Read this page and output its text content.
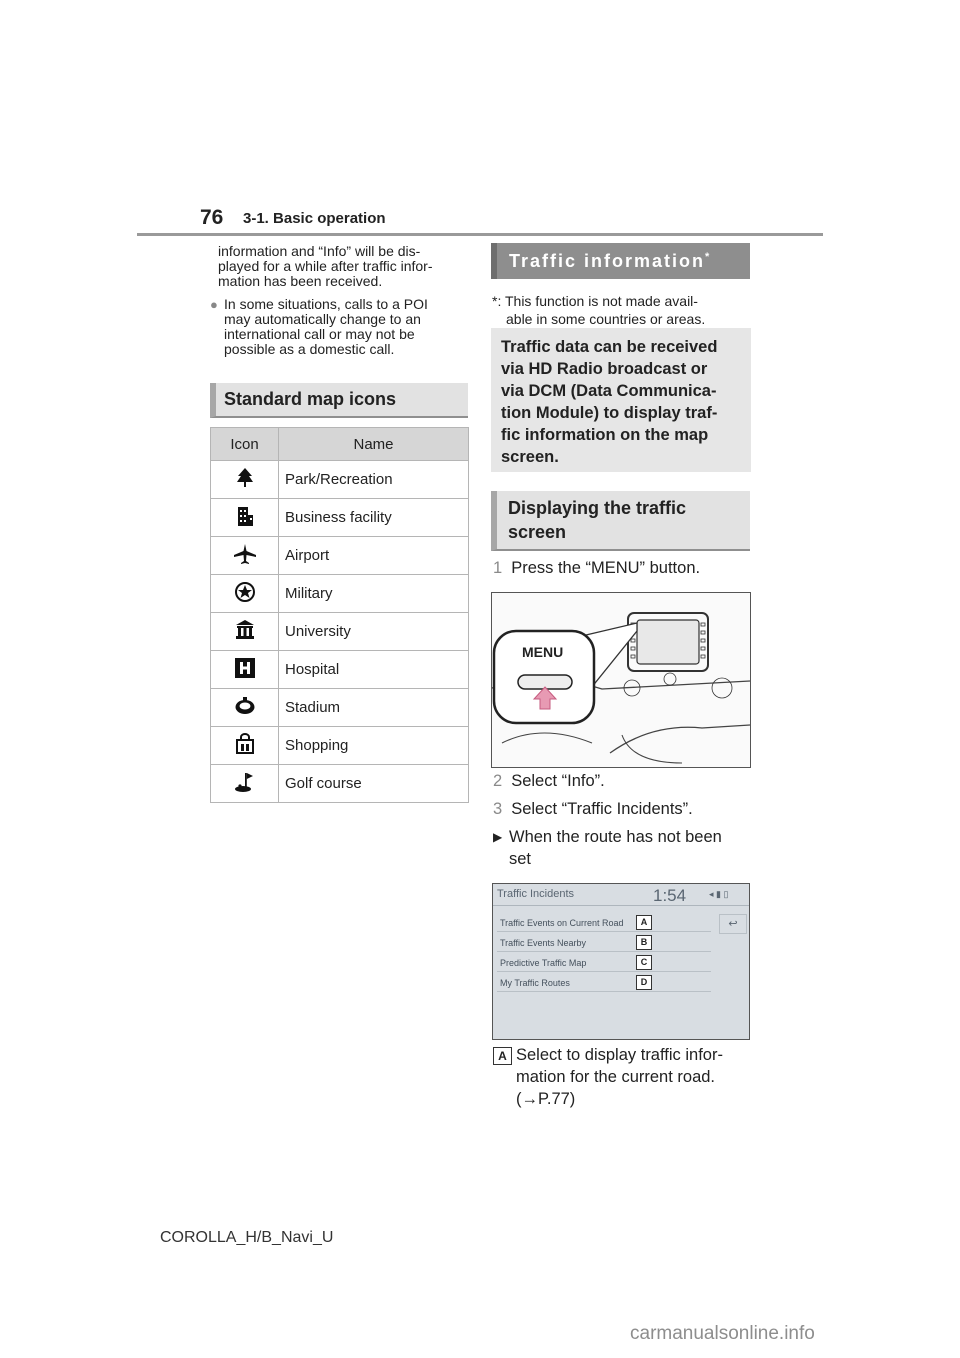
76 3-1. Basic operation
information and “Info” will be dis-
played for a while after traffic infor-
mation has been received.
● In some situations, calls to a POI
may automatically change to an
international call or may not be
possible as a domestic call.
Standard map icons
Icon	Name
	Park/Recreation
	Business facility
	Airport
	Military
	University
	Hospital
	Stadium
	Shopping
	Golf course
Traffic information*
*: This function is not made avail-
able in some countries or areas.
Traffic data can be received
via HD Radio broadcast or
via DCM (Data Communica-
tion Module) to display traf-
fic information on the map
screen.
Displaying the traffic
screen
1 Press the “MENU” button.
MENU
2 Select “Info”.
3 Select “Traffic Incidents”.
▶ When the route has not been
set
Traffic Incidents	1:54	◂ ▮ ▯
Traffic Events on Current Road	A
Traffic Events Nearby	B
Predictive Traffic Map	C
My Traffic Routes	D
↩
A Select to display traffic infor-
mation for the current road.
(→P.77)
COROLLA_H/B_Navi_U
carmanualsonline.info
